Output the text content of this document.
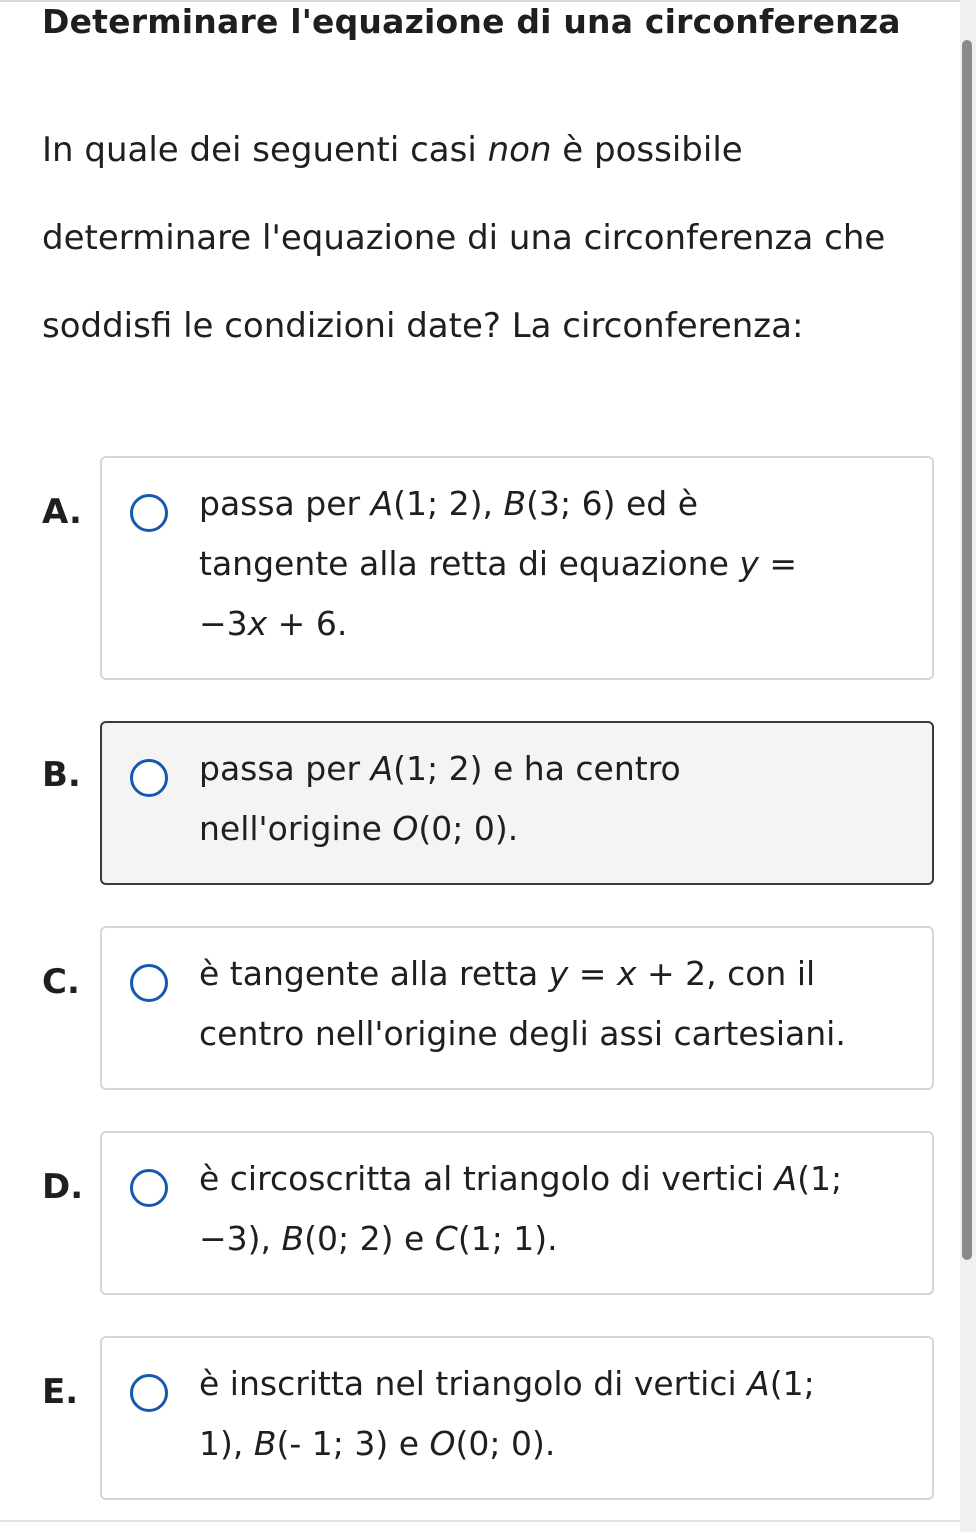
Determinare l'equazione di una circonferenza
In quale dei seguenti casi non è possibile
determinare l'equazione di una circonferenza che
soddisfi le condizioni date? La circonferenza:
A.	passa per A(1; 2), B(3; 6) ed è
tangente alla retta di equazione y =
−3x + 6.
B.	passa per A(1; 2) e ha centro
nell'origine O(0; 0).
C.	è tangente alla retta y = x + 2, con il
centro nell'origine degli assi cartesiani.
D.	è circoscritta al triangolo di vertici A(1;
−3), B(0; 2) e C(1; 1).
E.	è inscritta nel triangolo di vertici A(1;
1), B(- 1; 3) e O(0; 0).
